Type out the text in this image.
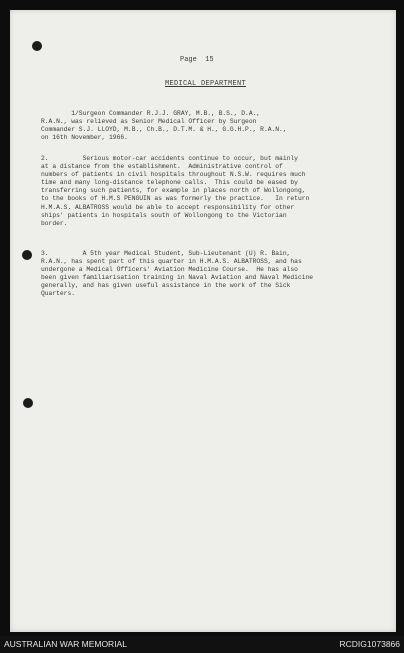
Page  15
MEDICAL DEPARTMENT
1/Surgeon Commander R.J.J. GRAY, M.B., B.S., D.A.,
R.A.N., was relieved as Senior Medical Officer by Surgeon
Commander S.J. LLOYD, M.B., Ch.B., D.T.M. & H., G.G.H.P., R.A.N.,
on 16th November, 1966.
2.         Serious motor-car accidents continue to occur, but mainly
at a distance from the establishment.  Administrative control of
numbers of patients in civil hospitals throughout N.S.W. requires much
time and many long-distance telephone calls.  This could be eased by
transferring such patients, for example in places north of Wollongong,
to the books of H.M.S PENGUIN as was formerly the practice.   In return
H.M.A.S. ALBATROSS would be able to accept responsibility for other
ships' patients in hospitals south of Wollongong to the Victorian
border.
3.         A 5th year Medical Student, Sub-Lieutenant (U) R. Bain,
R.A.N., has spent part of this quarter in H.M.A.S. ALBATROSS, and has
undergone a Medical Officers' Aviation Medicine Course.  He has also
been given familiarisation training in Naval Aviation and Naval Medicine
generally, and has given useful assistance in the work of the Sick
Quarters.
AUSTRALIAN WAR MEMORIAL	RCDIG1073866
